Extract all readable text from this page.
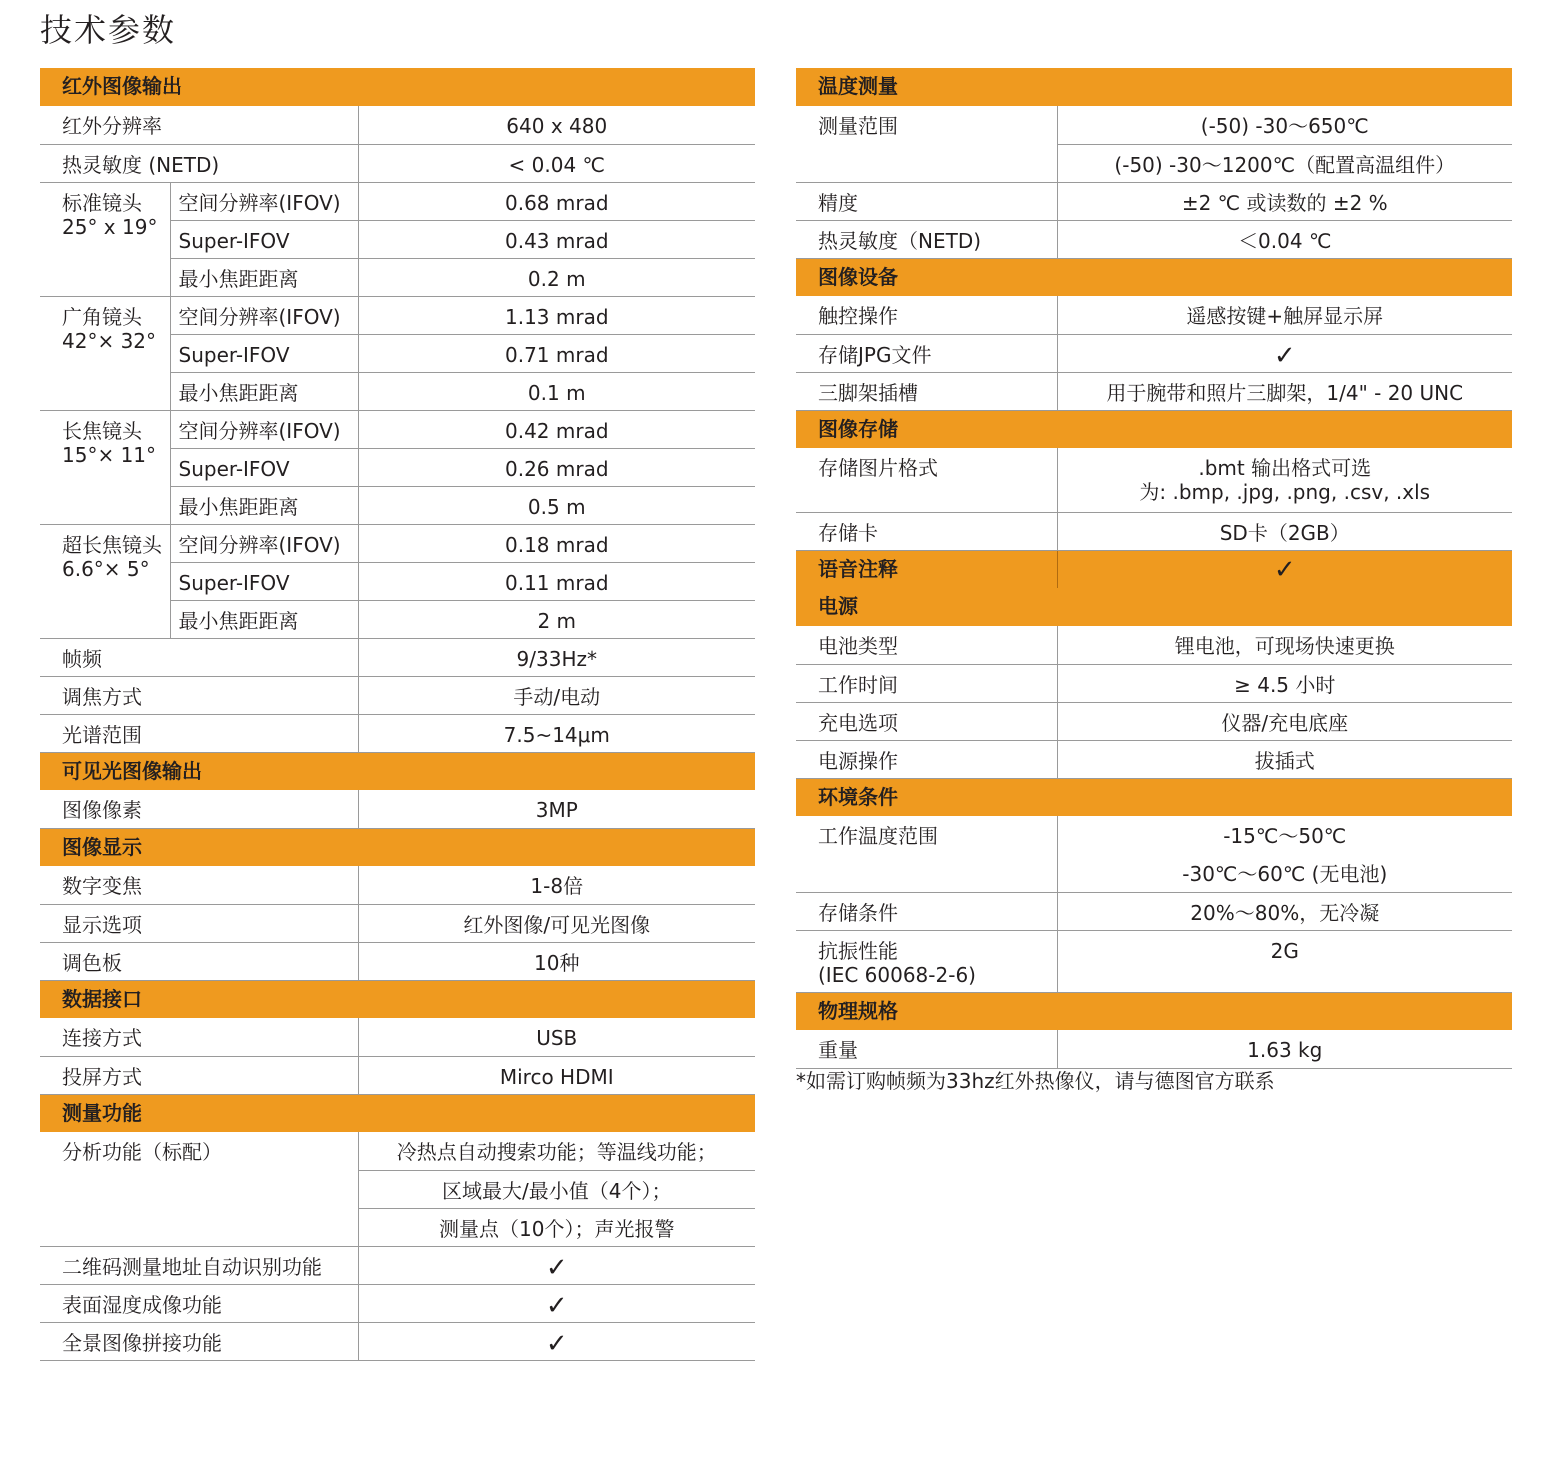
技术参数
红外图像输出		
红外分辨率		640 x 480
热灵敏度 (NETD)		< 0.04 ℃
标准镜头
25° x 19°	空间分辨率(IFOV)	0.68 mrad
	Super-IFOV	0.43 mrad
	最小焦距距离	0.2 m
广角镜头
42°× 32°	空间分辨率(IFOV)	1.13 mrad
	Super-IFOV	0.71 mrad
	最小焦距距离	0.1 m
长焦镜头
15°× 11°	空间分辨率(IFOV)	0.42 mrad
	Super-IFOV	0.26 mrad
	最小焦距距离	0.5 m
超长焦镜头
6.6°× 5°	空间分辨率(IFOV)	0.18 mrad
	Super-IFOV	0.11 mrad
	最小焦距距离	2 m
帧频		9/33Hz*
调焦方式		手动/电动
光谱范围		7.5~14μm
可见光图像输出		
图像像素		3MP
图像显示		
数字变焦		1-8倍
显示选项		红外图像/可见光图像
调色板		10种
数据接口		
连接方式		USB
投屏方式		Mirco HDMI
测量功能		
分析功能（标配）		冷热点自动搜索功能；等温线功能；
		区域最大/最小值（4个）；
		测量点（10个）；声光报警
二维码测量地址自动识别功能		✓
表面湿度成像功能		✓
全景图像拼接功能		✓
温度测量	
测量范围	(-50) -30～650℃
	(-50) -30～1200℃（配置高温组件）
精度	±2 ℃ 或读数的 ±2 %
热灵敏度（NETD)	＜0.04 ℃
图像设备	
触控操作	遥感按键+触屏显示屏
存储JPG文件	✓
三脚架插槽	用于腕带和照片三脚架，1/4" - 20 UNC
图像存储	
存储图片格式	.bmt 输出格式可选
为: .bmp, .jpg, .png, .csv, .xls
存储卡	SD卡（2GB）
语音注释	✓
电源	
电池类型	锂电池，可现场快速更换
工作时间	≥ 4.5 小时
充电选项	仪器/充电底座
电源操作	拔插式
环境条件	
工作温度范围	-15℃～50℃
	-30℃～60℃ (无电池)
存储条件	20%～80%，无冷凝
抗振性能
(IEC 60068-2-6)	2G
物理规格	
重量	1.63 kg
*如需订购帧频为33hz红外热像仪，请与德图官方联系
